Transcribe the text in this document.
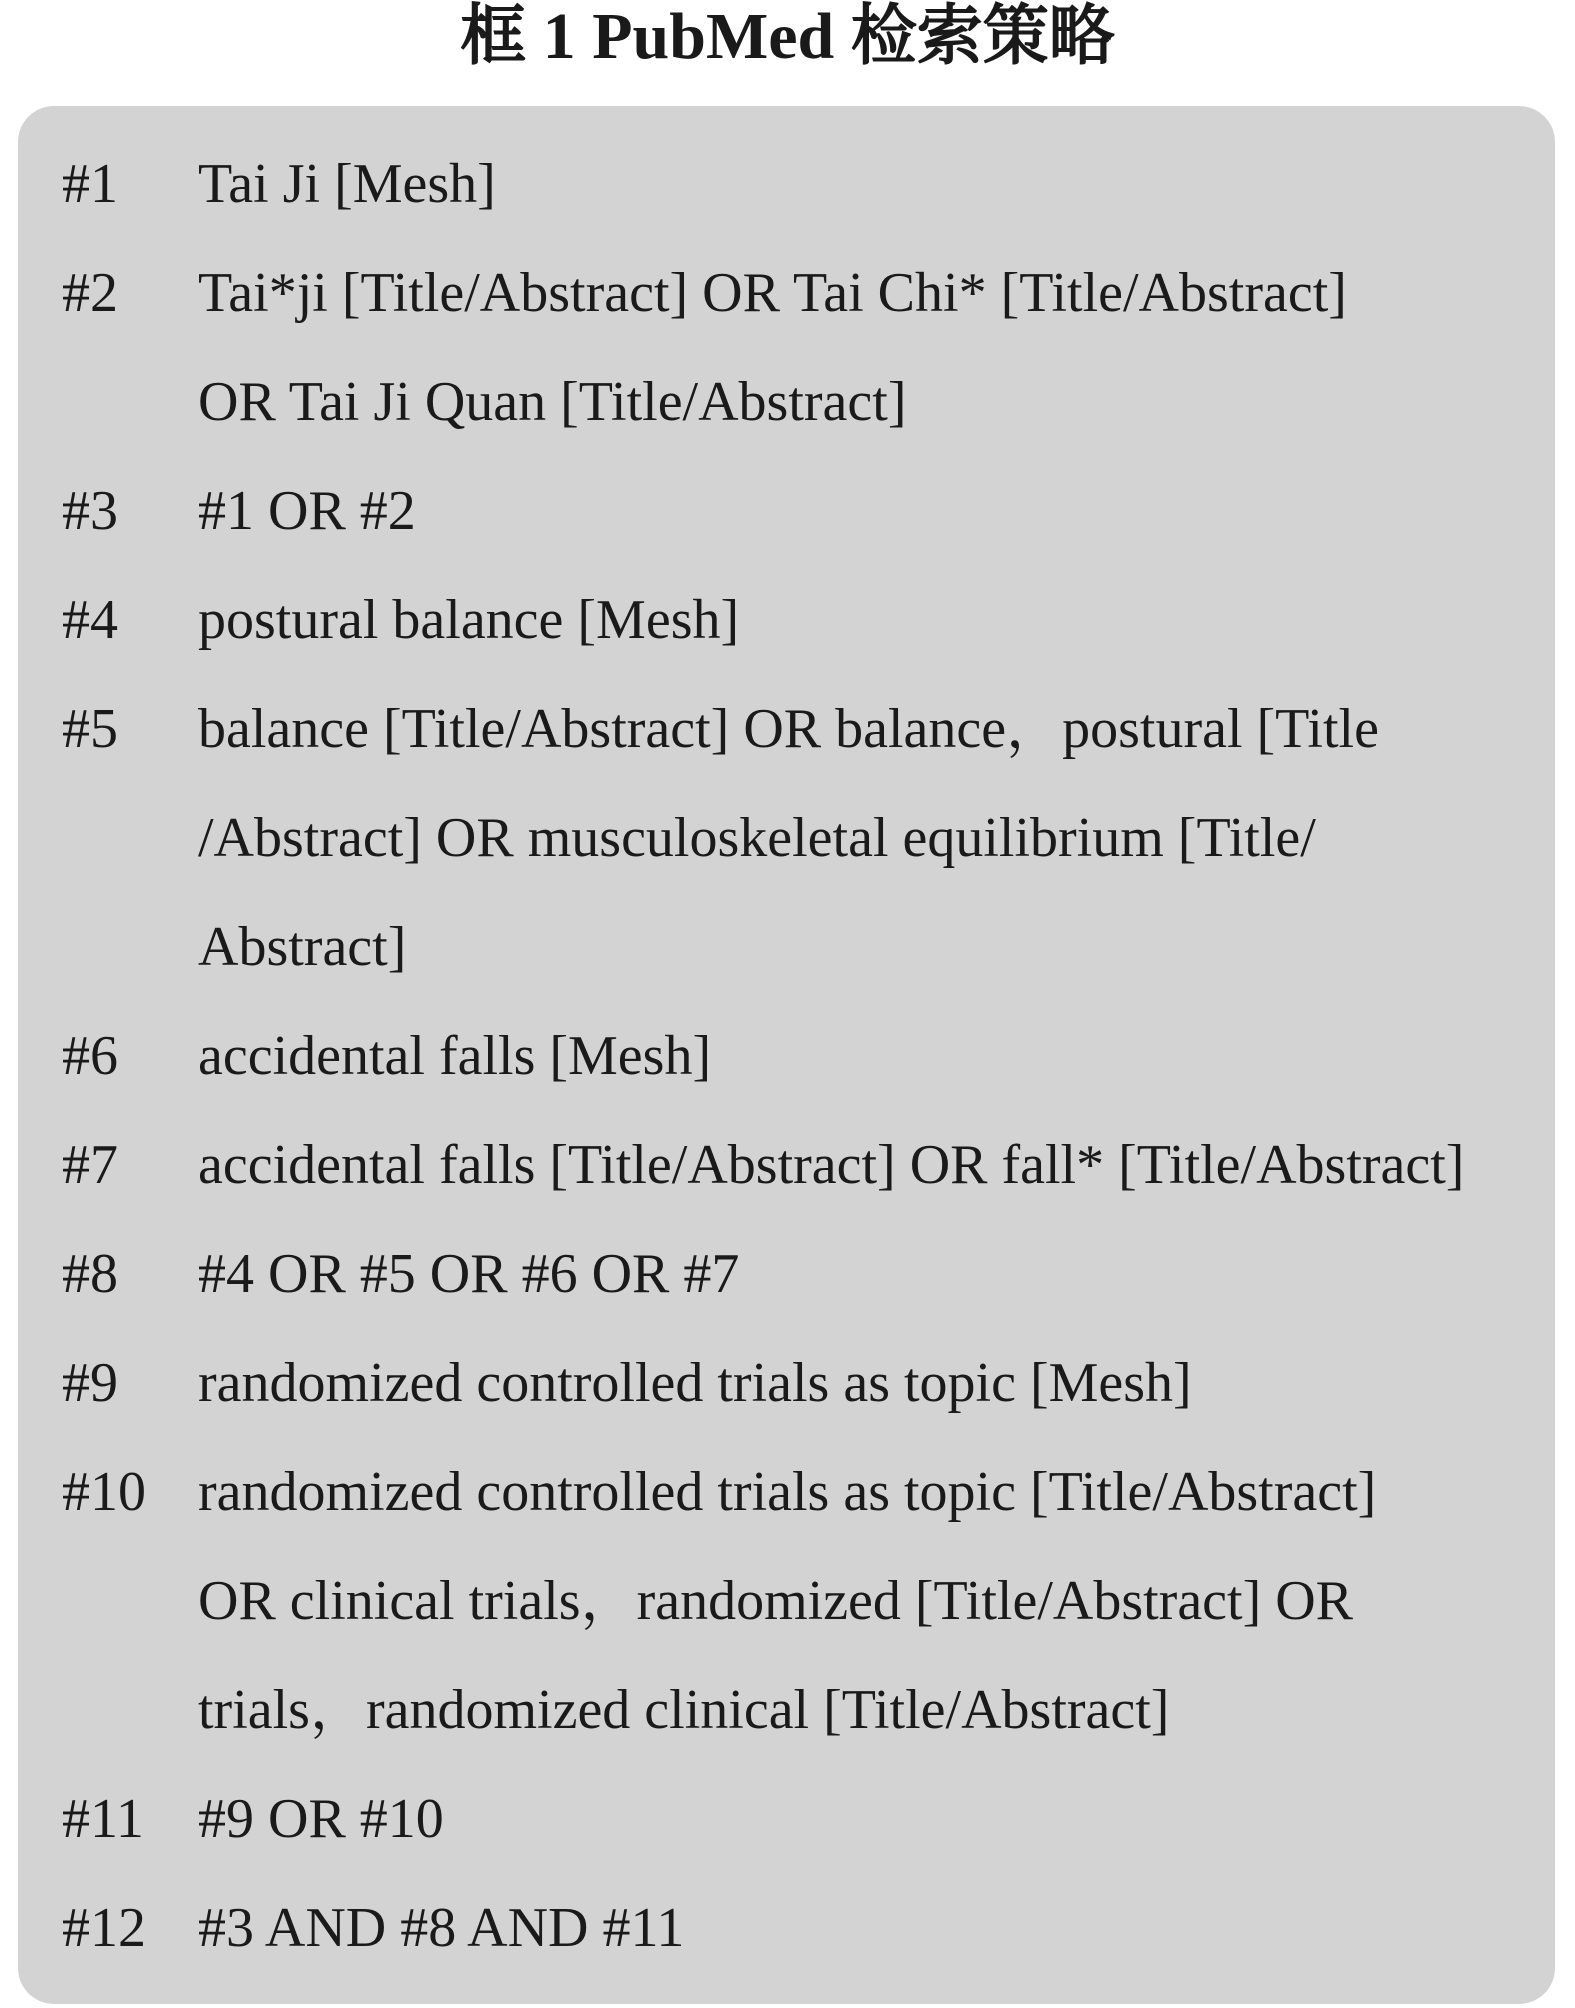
框 1 PubMed 检索策略
#1	Tai Ji [Mesh]
#2	Tai*ji [Title/Abstract] OR Tai Chi* [Title/Abstract]
OR Tai Ji Quan [Title/Abstract]
#3	#1 OR #2
#4	postural balance [Mesh]
#5	balance [Title/Abstract] OR balance，postural [Title
/Abstract] OR musculoskeletal equilibrium [Title/
Abstract]
#6	accidental falls [Mesh]
#7	accidental falls [Title/Abstract] OR fall* [Title/Abstract]
#8	#4 OR #5 OR #6 OR #7
#9	randomized controlled trials as topic [Mesh]
#10 randomized controlled trials as topic [Title/Abstract]
OR clinical trials，randomized [Title/Abstract] OR
trials，randomized clinical [Title/Abstract]
#11 #9 OR #10
#12 #3 AND #8 AND #11
